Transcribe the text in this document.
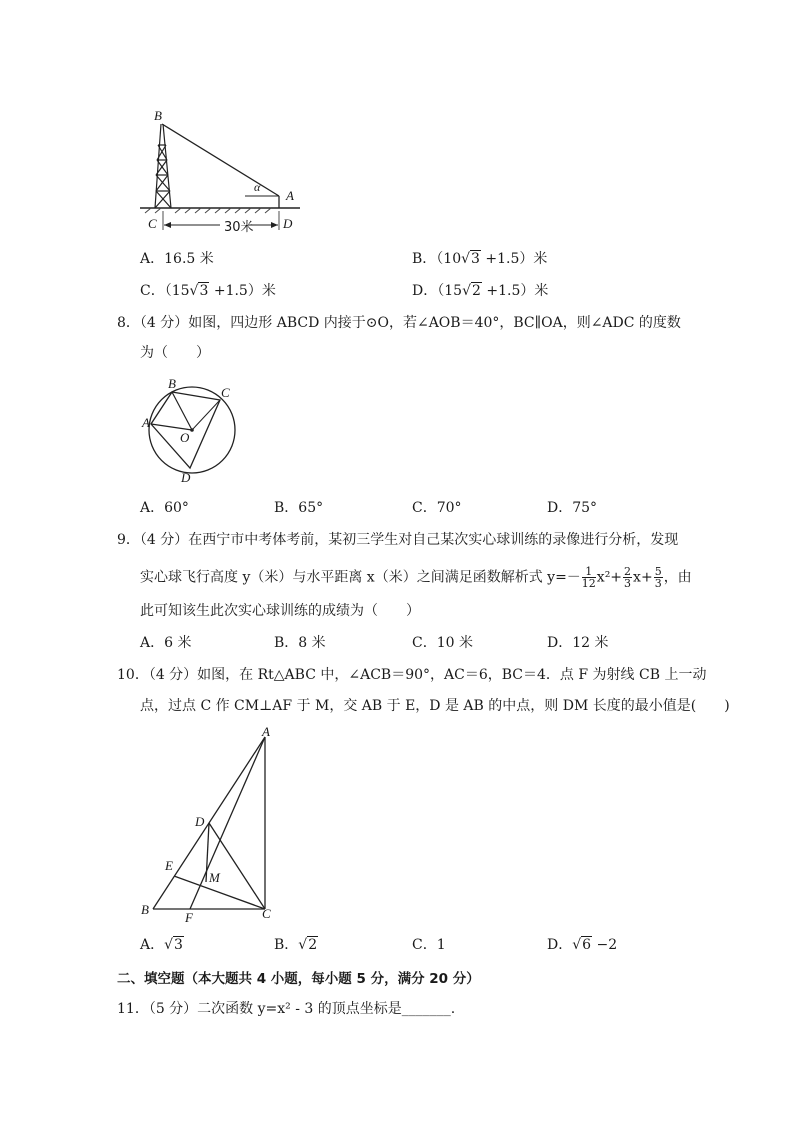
B
α
A
C	30米 D
A．16.5 米	B．（10√3 +1.5）米
C．（15√3 +1.5）米	D．（15√2 +1.5）米
8．（4 分）如图，四边形 ABCD 内接于⊙O，若∠AOB＝40°，BC∥OA，则∠ADC 的度数
为（　　）
B
C
A
O
D
A．60°	B．65°	C．70°	D．75°
9．（4 分）在西宁市中考体考前，某初三学生对自己某次实心球训练的录像进行分析，发现
实心球飞行高度 y（米）与水平距离 x（米）之间满足函数解析式 $y=- \frac{1}{12} x^2+ \frac{2}{3} x+ \frac{5}{3}$ ，由
此可知该生此次实心球训练的成绩为（　　）
A．6 米	B．8 米	C．10 米	D．12 米
10．（4 分）如图，在 Rt△ABC 中，∠ACB＝90°，AC＝6，BC＝4．点 F 为射线 CB 上一动
点，过点 C 作 CM⊥AF 于 M，交 AB 于 E，D 是 AB 的中点，则 DM 长度的最小值是(　　)
A
D
E
M
B
F	C
A．√3	B．√2	C．1	D．√6 −2
二、填空题（本大题共 4 小题，每小题 5 分，满分 20 分）
11．（5 分）二次函数 y=x² - 3 的顶点坐标是_______.
